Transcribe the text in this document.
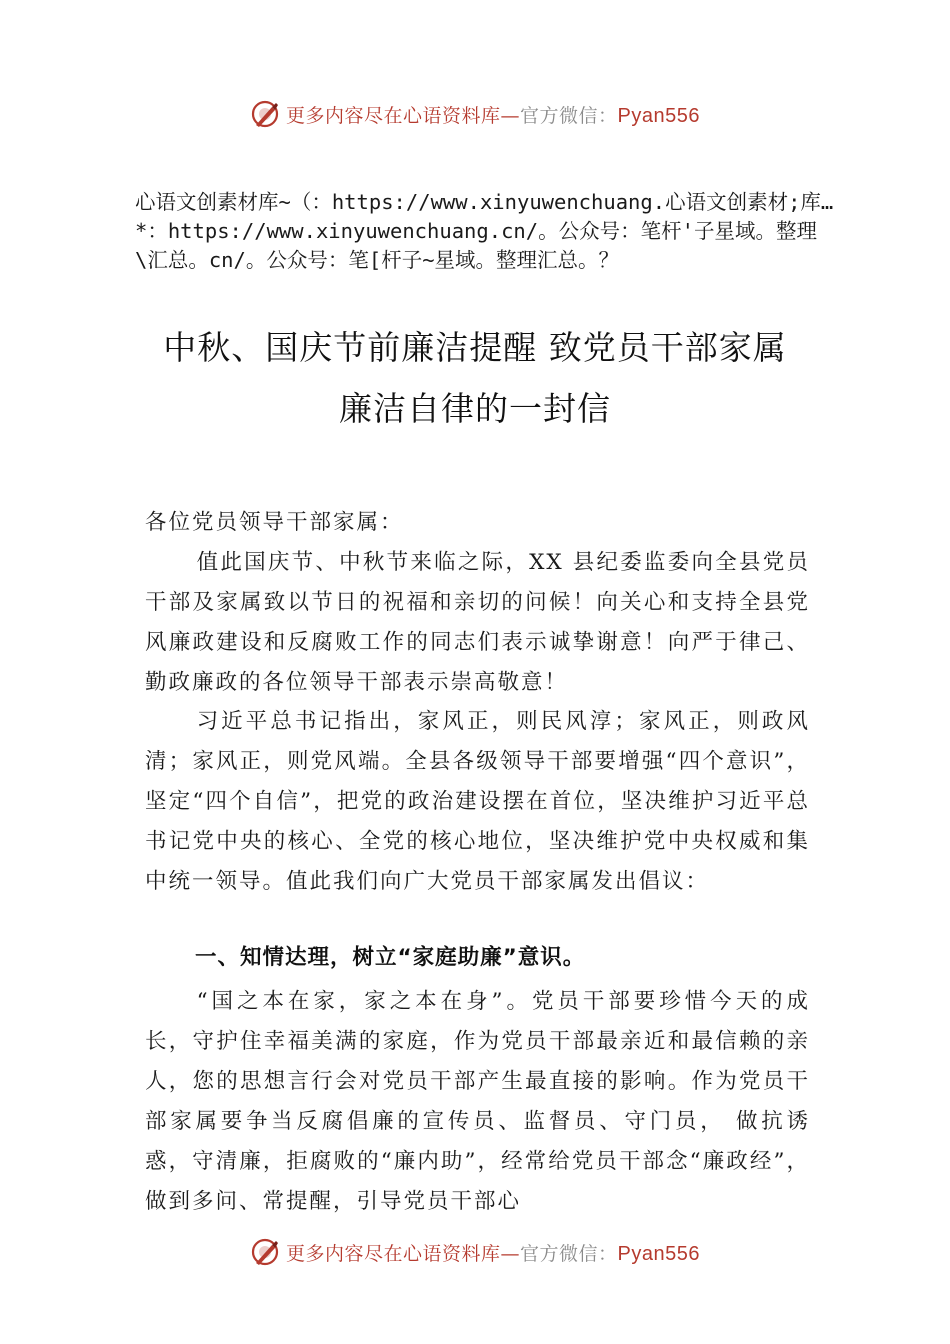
更多内容尽在心语资料库—官方微信：Pyan556
心语文创素材库~（：https://www.xinyuwenchuang.心语文创素材;库…*：https://www.xinyuwenchuang.cn/。公众号：笔杆'子星域。整理\汇总。cn/。公众号：笔[杆子~星域。整理汇总。？
中秋、国庆节前廉洁提醒 致党员干部家属
廉洁自律的一封信
各位党员领导干部家属：
值此国庆节、中秋节来临之际，XX 县纪委监委向全县党员干部及家属致以节日的祝福和亲切的问候！向关心和支持全县党风廉政建设和反腐败工作的同志们表示诚挚谢意！向严于律己、勤政廉政的各位领导干部表示崇高敬意！
习近平总书记指出，家风正，则民风淳；家风正，则政风清；家风正，则党风端。全县各级领导干部要增强“四个意识”，坚定“四个自信”，把党的政治建设摆在首位，坚决维护习近平总书记党中央的核心、全党的核心地位，坚决维护党中央权威和集中统一领导。值此我们向广大党员干部家属发出倡议：
一、知情达理，树立“家庭助廉”意识。
“国之本在家，家之本在身”。党员干部要珍惜今天的成长，守护住幸福美满的家庭，作为党员干部最亲近和最信赖的亲人，您的思想言行会对党员干部产生最直接的影响。作为党员干部家属要争当反腐倡廉的宣传员、监督员、守门员， 做抗诱惑，守清廉，拒腐败的“廉内助”，经常给党员干部念“廉政经”，做到多问、常提醒，引导党员干部心
更多内容尽在心语资料库—官方微信：Pyan556
